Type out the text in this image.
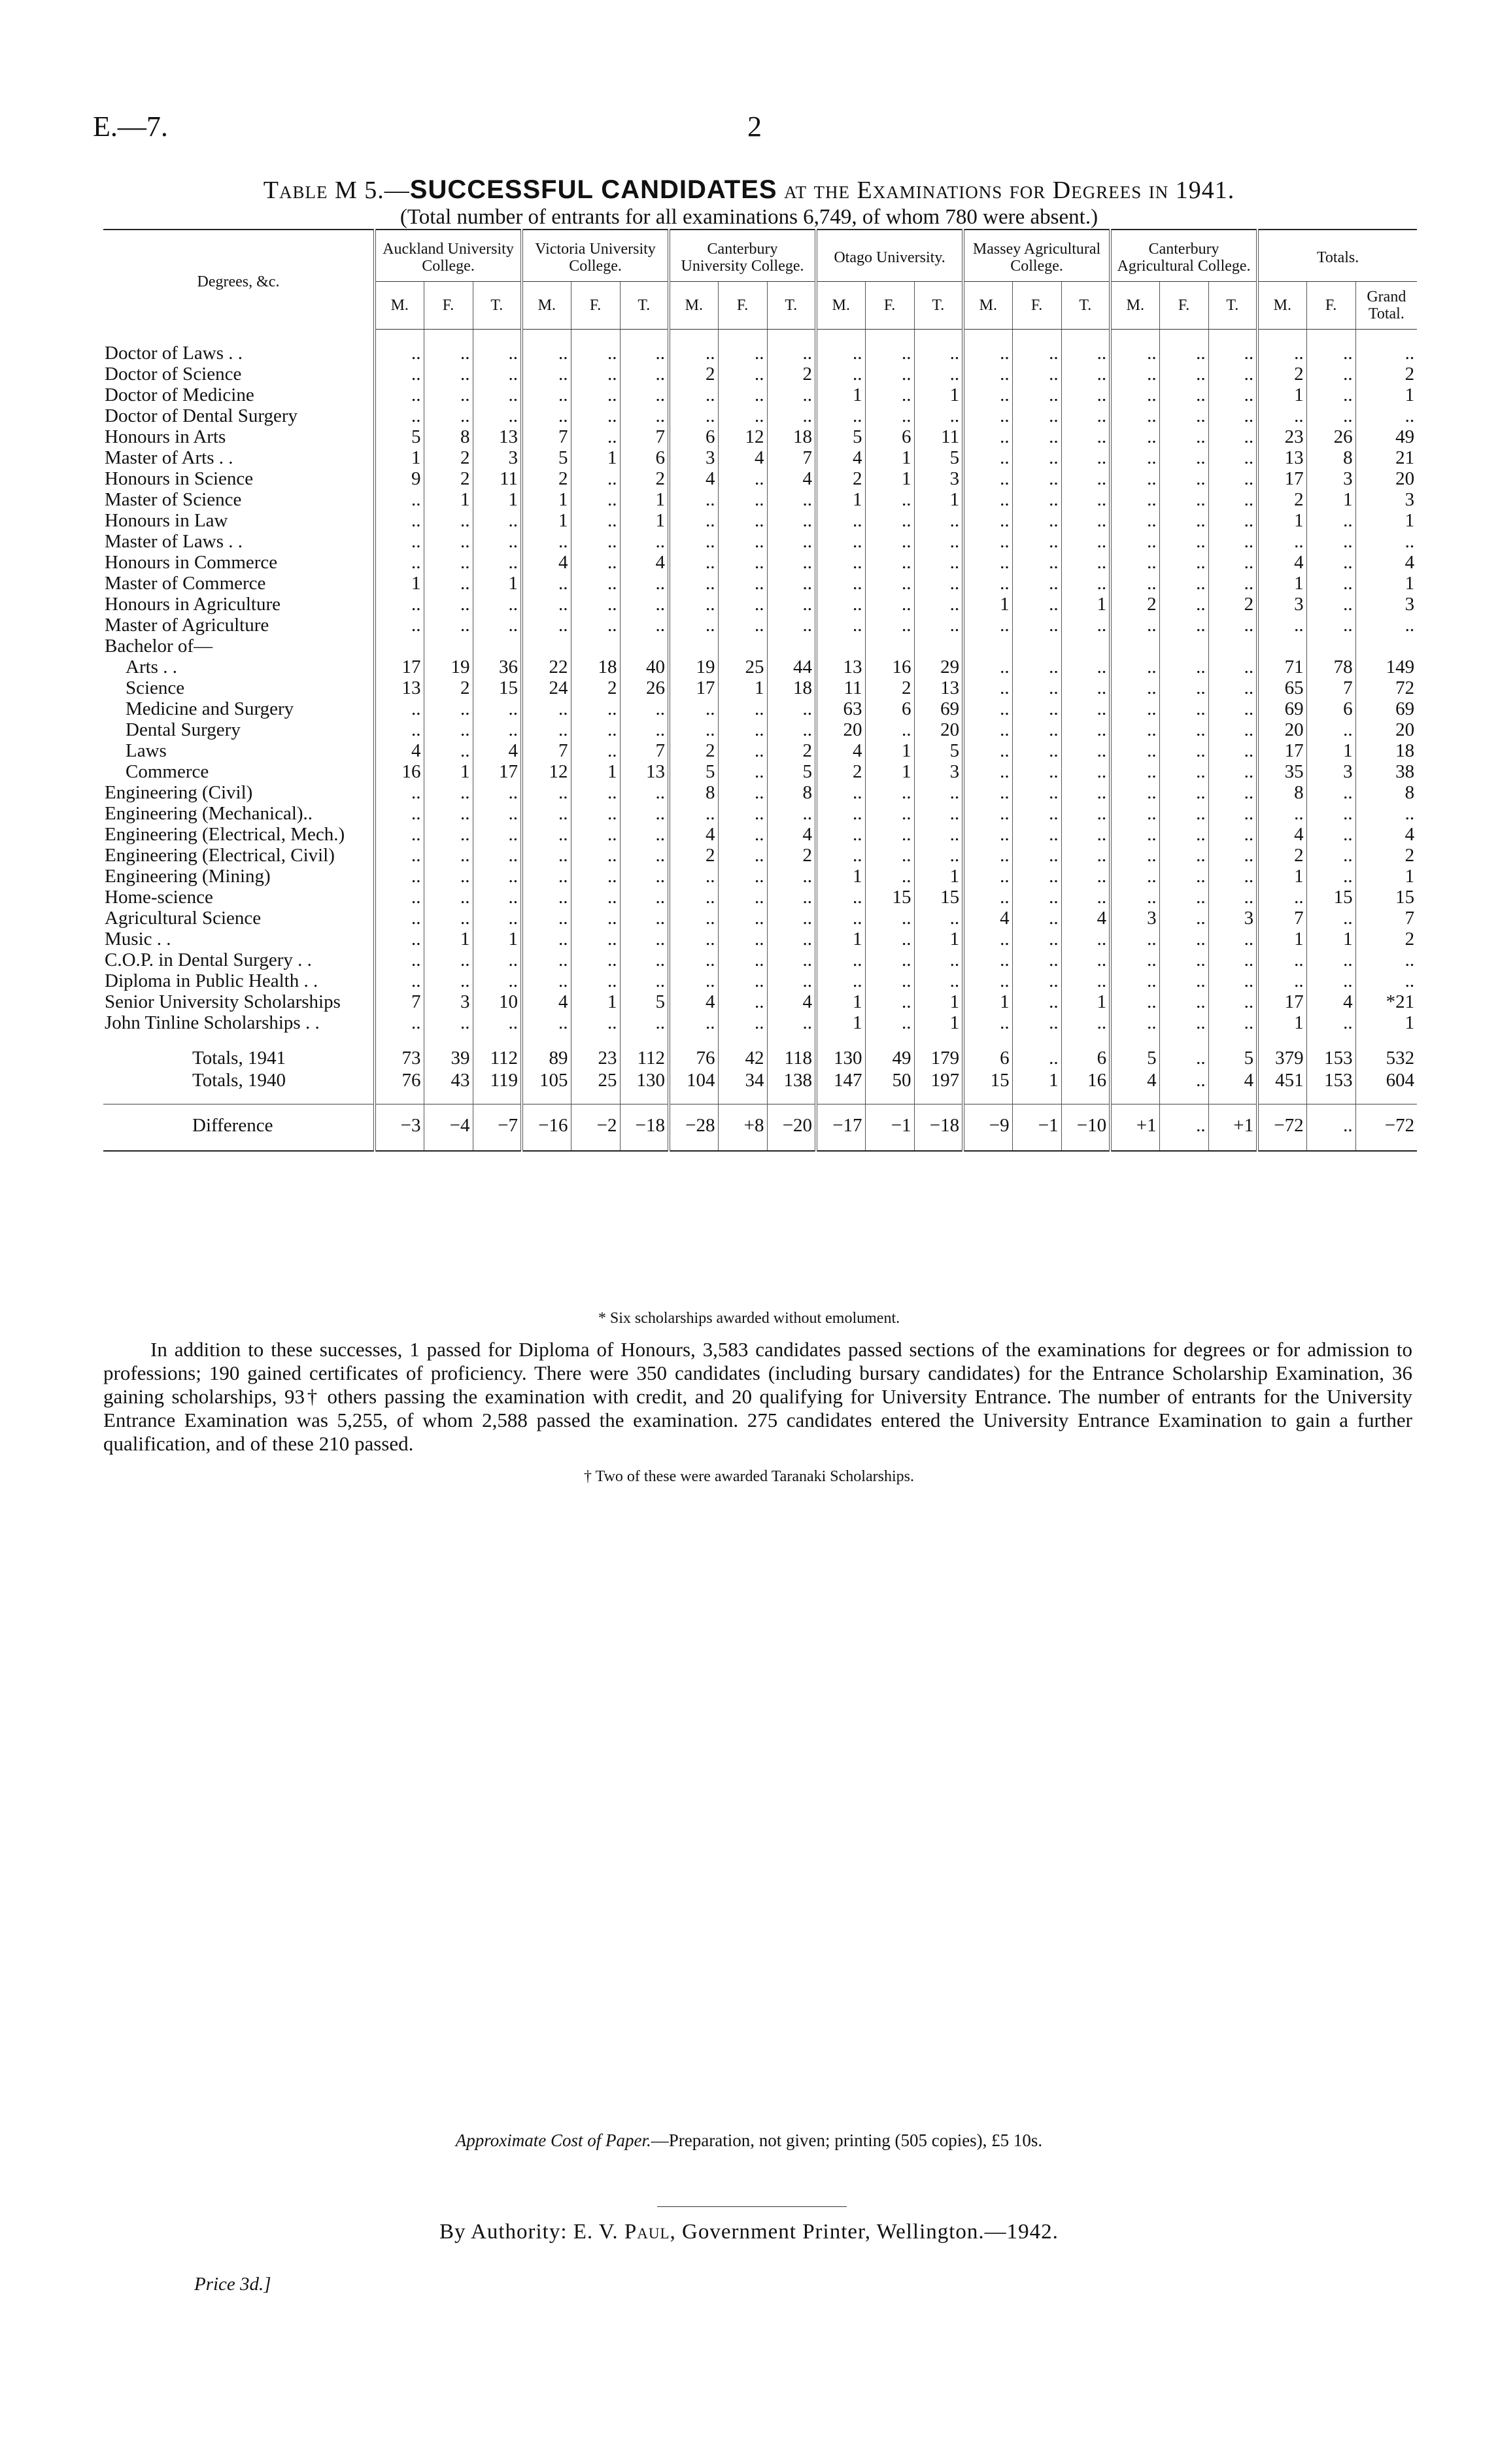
E.—7.	2
Table M 5.—SUCCESSFUL CANDIDATES at the Examinations for Degrees in 1941.
(Total number of entrants for all examinations 6,749, of whom 780 were absent.)
Degrees, &c.	Auckland University College.			Victoria University College.			Canterbury University College.			Otago University.			Massey Agricultural College.			Canterbury Agricultural College.			Totals.		
	M.	F.	T.	M.	F.	T.	M.	F.	T.	M.	F.	T.	M.	F.	T.	M.	F.	T.	M.	F.	Grand Total.

Doctor of Laws . .	..	..	..	..	..	..	..	..	..	..	..	..	..	..	..	..	..	..	..	..	..
Doctor of Science	..	..	..	..	..	..	2	..	2	..	..	..	..	..	..	..	..	..	2	..	2
Doctor of Medicine	..	..	..	..	..	..	..	..	..	1	..	1	..	..	..	..	..	..	1	..	1
Doctor of Dental Surgery	..	..	..	..	..	..	..	..	..	..	..	..	..	..	..	..	..	..	..	..	..
Honours in Arts	5	8	13	7	..	7	6	12	18	5	6	11	..	..	..	..	..	..	23	26	49
Master of Arts . .	1	2	3	5	1	6	3	4	7	4	1	5	..	..	..	..	..	..	13	8	21
Honours in Science	9	2	11	2	..	2	4	..	4	2	1	3	..	..	..	..	..	..	17	3	20
Master of Science	..	1	1	1	..	1	..	..	..	1	..	1	..	..	..	..	..	..	2	1	3
Honours in Law	..	..	..	1	..	1	..	..	..	..	..	..	..	..	..	..	..	..	1	..	1
Master of Laws . .	..	..	..	..	..	..	..	..	..	..	..	..	..	..	..	..	..	..	..	..	..
Honours in Commerce	..	..	..	4	..	4	..	..	..	..	..	..	..	..	..	..	..	..	4	..	4
Master of Commerce	1	..	1	..	..	..	..	..	..	..	..	..	..	..	..	..	..	..	1	..	1
Honours in Agriculture	..	..	..	..	..	..	..	..	..	..	..	..	1	..	1	2	..	2	3	..	3
Master of Agriculture	..	..	..	..	..	..	..	..	..	..	..	..	..	..	..	..	..	..	..	..	..
Bachelor of—																					
Arts . .	17	19	36	22	18	40	19	25	44	13	16	29	..	..	..	..	..	..	71	78	149
Science	13	2	15	24	2	26	17	1	18	11	2	13	..	..	..	..	..	..	65	7	72
Medicine and Surgery	..	..	..	..	..	..	..	..	..	63	6	69	..	..	..	..	..	..	69	6	69
Dental Surgery	..	..	..	..	..	..	..	..	..	20	..	20	..	..	..	..	..	..	20	..	20
Laws	4	..	4	7	..	7	2	..	2	4	1	5	..	..	..	..	..	..	17	1	18
Commerce	16	1	17	12	1	13	5	..	5	2	1	3	..	..	..	..	..	..	35	3	38
Engineering (Civil)	..	..	..	..	..	..	8	..	8	..	..	..	..	..	..	..	..	..	8	..	8
Engineering (Mechanical)..	..	..	..	..	..	..	..	..	..	..	..	..	..	..	..	..	..	..	..	..	..
Engineering (Electrical, Mech.)	..	..	..	..	..	..	4	..	4	..	..	..	..	..	..	..	..	..	4	..	4
Engineering (Electrical, Civil)	..	..	..	..	..	..	2	..	2	..	..	..	..	..	..	..	..	..	2	..	2
Engineering (Mining)	..	..	..	..	..	..	..	..	..	1	..	1	..	..	..	..	..	..	1	..	1
Home-science	..	..	..	..	..	..	..	..	..	..	15	15	..	..	..	..	..	..	..	15	15
Agricultural Science	..	..	..	..	..	..	..	..	..	..	..	..	4	..	4	3	..	3	7	..	7
Music . .	..	1	1	..	..	..	..	..	..	1	..	1	..	..	..	..	..	..	1	1	2
C.O.P. in Dental Surgery . .	..	..	..	..	..	..	..	..	..	..	..	..	..	..	..	..	..	..	..	..	..
Diploma in Public Health . .	..	..	..	..	..	..	..	..	..	..	..	..	..	..	..	..	..	..	..	..	..
Senior University Scholarships	7	3	10	4	1	5	4	..	4	1	..	1	1	..	1	..	..	..	17	4	*21
John Tinline Scholarships . .	..	..	..	..	..	..	..	..	..	1	..	1	..	..	..	..	..	..	1	..	1

Totals, 1941	73	39	112	89	23	112	76	42	118	130	49	179	6	..	6	5	..	5	379	153	532
Totals, 1940	76	43	119	105	25	130	104	34	138	147	50	197	15	1	16	4	..	4	451	153	604

Difference	−3	−4	−7	−16	−2	−18	−28	+8	−20	−17	−1	−18	−9	−1	−10	+1	..	+1	−72	..	−72

* Six scholarships awarded without emolument.
In addition to these successes, 1 passed for Diploma of Honours, 3,583 candidates passed sections of the examinations for degrees or for admission to professions; 190 gained certificates of proficiency. There were 350 candidates (including bursary candidates) for the Entrance Scholarship Examination, 36 gaining scholarships, 93† others passing the examination with credit, and 20 qualifying for University Entrance. The number of entrants for the University Entrance Examination was 5,255, of whom 2,588 passed the examination. 275 candidates entered the University Entrance Examination to gain a further qualification, and of these 210 passed.
† Two of these were awarded Taranaki Scholarships.
Approximate Cost of Paper.—Preparation, not given; printing (505 copies), £5 10s.
By Authority: E. V. Paul, Government Printer, Wellington.—1942.
Price 3d.]
